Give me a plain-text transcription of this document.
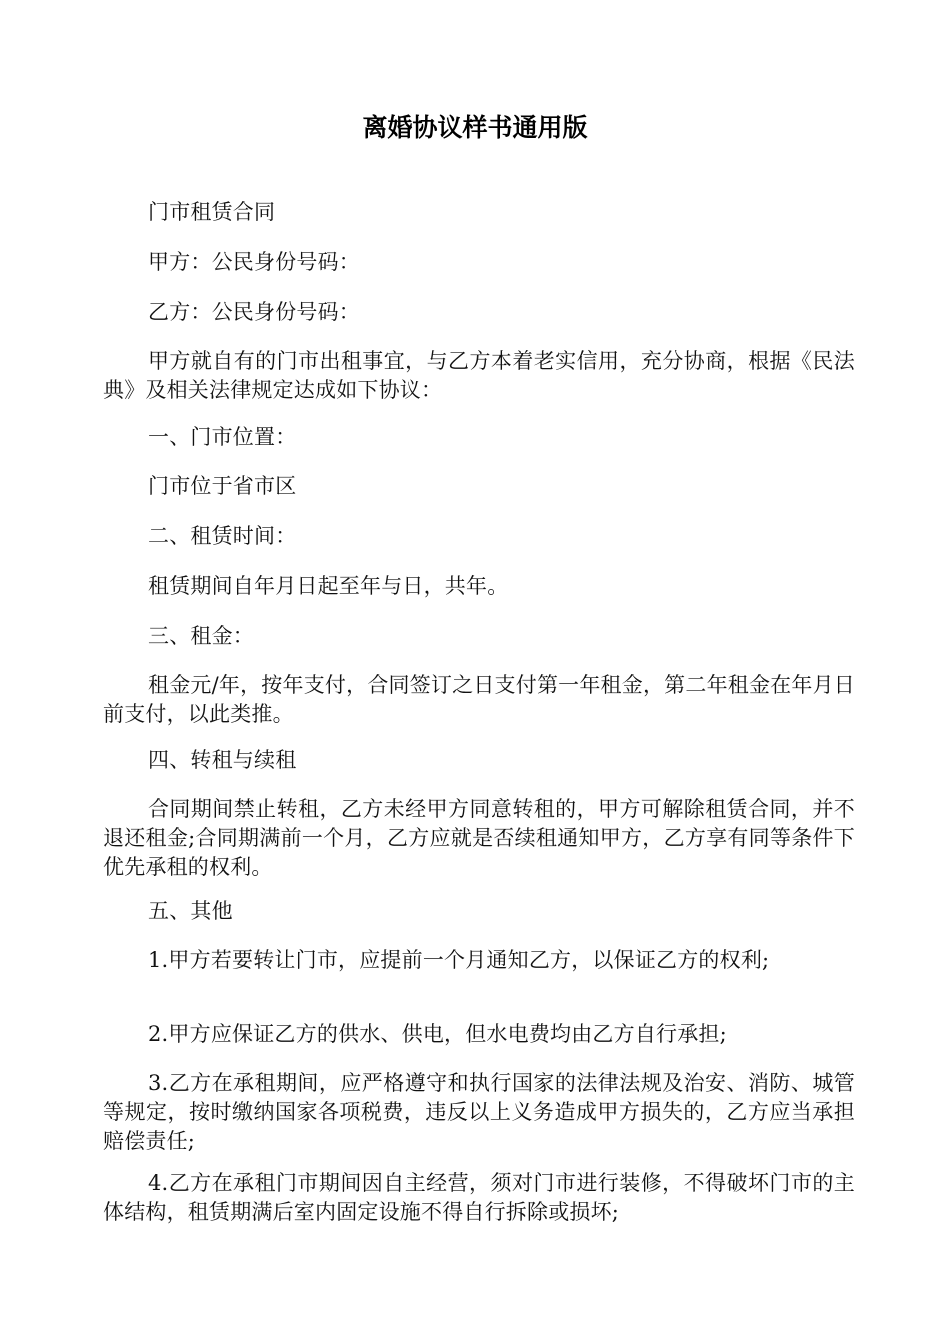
离婚协议样书通用版

门市租赁合同

甲方：公民身份号码：

乙方：公民身份号码：

甲方就自有的门市出租事宜，与乙方本着老实信用，充分协商，根据《民法典》及相关法律规定达成如下协议：

一、门市位置：

门市位于省市区

二、租赁时间：

租赁期间自年月日起至年与日，共年。

三、租金：

租金元/年，按年支付，合同签订之日支付第一年租金，第二年租金在年月日前支付，以此类推。

四、转租与续租

合同期间禁止转租，乙方未经甲方同意转租的，甲方可解除租赁合同，并不退还租金;合同期满前一个月，乙方应就是否续租通知甲方，乙方享有同等条件下优先承租的权利。

五、其他

1.甲方若要转让门市，应提前一个月通知乙方，以保证乙方的权利;

2.甲方应保证乙方的供水、供电，但水电费均由乙方自行承担;

3.乙方在承租期间，应严格遵守和执行国家的法律法规及治安、消防、城管等规定，按时缴纳国家各项税费，违反以上义务造成甲方损失的，乙方应当承担赔偿责任;

4.乙方在承租门市期间因自主经营，须对门市进行装修，不得破坏门市的主体结构，租赁期满后室内固定设施不得自行拆除或损坏;
